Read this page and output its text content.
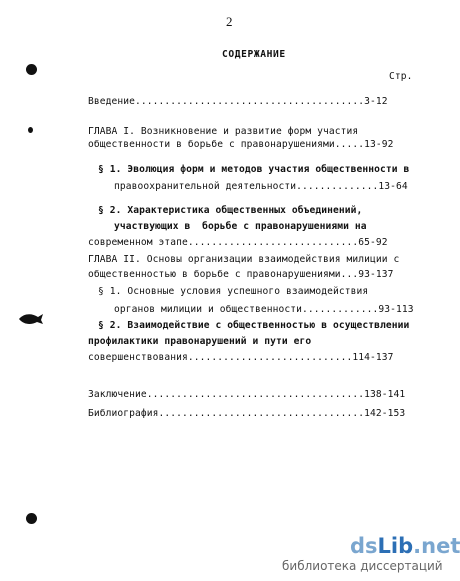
2
СОДЕРЖАНИЕ
Стр.
Введение.......................................3-12
ГЛАВА I. Возникновение и развитие форм участия
общественности в борьбе с правонарушениями.....13-92
§ 1. Эволюция форм и методов участия общественности в
правоохранительной деятельности..............13-64
§ 2. Характеристика общественных объединений,
участвующих в  борьбе с правонарушениями на
современном этапе.............................65-92
ГЛАВА II. Основы организации взаимодействия милиции с
общественностью в борьбе с правонарушениями...93-137
§ 1. Основные условия успешного взаимодействия
органов милиции и общественности.............93-113
§ 2. Взаимодействие с общественностью в осуществлении
профилактики правонарушений и пути его
совершенствования............................114-137
Заключение.....................................138-141
Библиография...................................142-153
dsLib.net
библиотека диссертаций
